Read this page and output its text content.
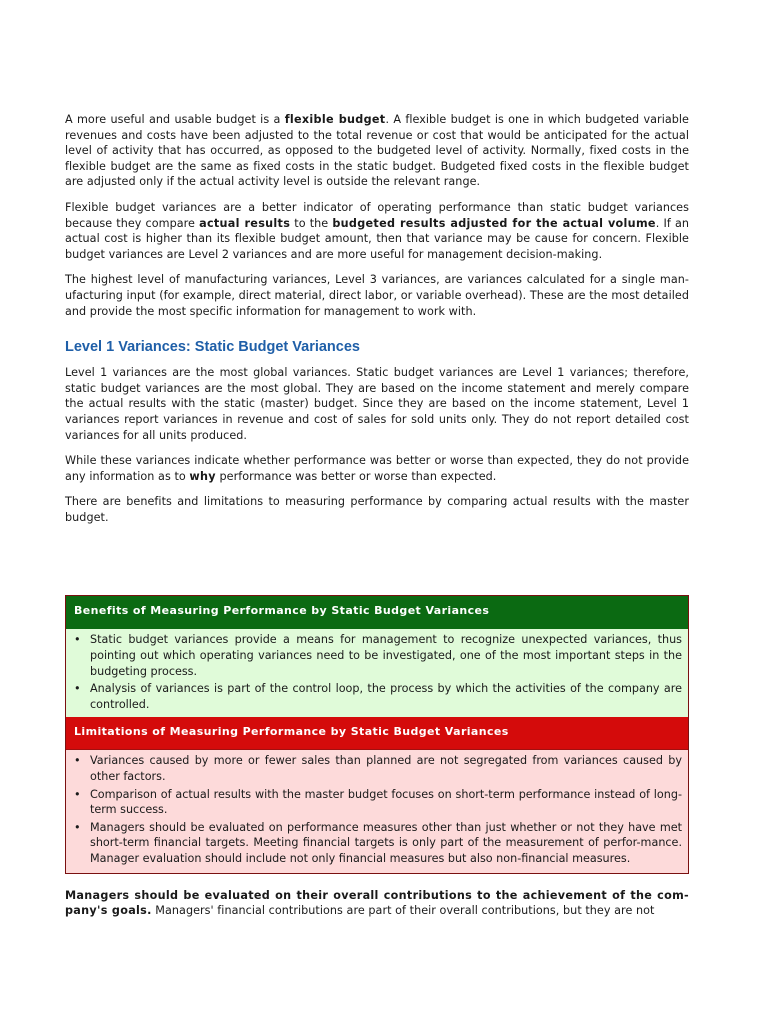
A more useful and usable budget is a flexible budget. A flexible budget is one in which budgeted variable revenues and costs have been adjusted to the total revenue or cost that would be anticipated for the actual level of activity that has occurred, as opposed to the budgeted level of activity. Normally, fixed costs in the flexible budget are the same as fixed costs in the static budget. Budgeted fixed costs in the flexible budget are adjusted only if the actual activity level is outside the relevant range.

Flexible budget variances are a better indicator of operating performance than static budget variances because they compare actual results to the budgeted results adjusted for the actual volume. If an actual cost is higher than its flexible budget amount, then that variance may be cause for concern. Flexible budget variances are Level 2 variances and are more useful for management decision-making.

The highest level of manufacturing variances, Level 3 variances, are variances calculated for a single man-ufacturing input (for example, direct material, direct labor, or variable overhead). These are the most detailed and provide the most specific information for management to work with.

Level 1 Variances: Static Budget Variances

Level 1 variances are the most global variances. Static budget variances are Level 1 variances; therefore, static budget variances are the most global. They are based on the income statement and merely compare the actual results with the static (master) budget. Since they are based on the income statement, Level 1 variances report variances in revenue and cost of sales for sold units only. They do not report detailed cost variances for all units produced.

While these variances indicate whether performance was better or worse than expected, they do not provide any information as to why performance was better or worse than expected.

There are benefits and limitations to measuring performance by comparing actual results with the master budget.

Benefits of Measuring Performance by Static Budget Variances
• Static budget variances provide a means for management to recognize unexpected variances, thus pointing out which operating variances need to be investigated, one of the most important steps in the budgeting process.
• Analysis of variances is part of the control loop, the process by which the activities of the company are controlled.
Limitations of Measuring Performance by Static Budget Variances
• Variances caused by more or fewer sales than planned are not segregated from variances caused by other factors.
• Comparison of actual results with the master budget focuses on short-term performance instead of long-term success.
• Managers should be evaluated on performance measures other than just whether or not they have met short-term financial targets. Meeting financial targets is only part of the measurement of perfor-mance. Manager evaluation should include not only financial measures but also non-financial measures.

Managers should be evaluated on their overall contributions to the achievement of the com-pany's goals. Managers' financial contributions are part of their overall contributions, but they are not
